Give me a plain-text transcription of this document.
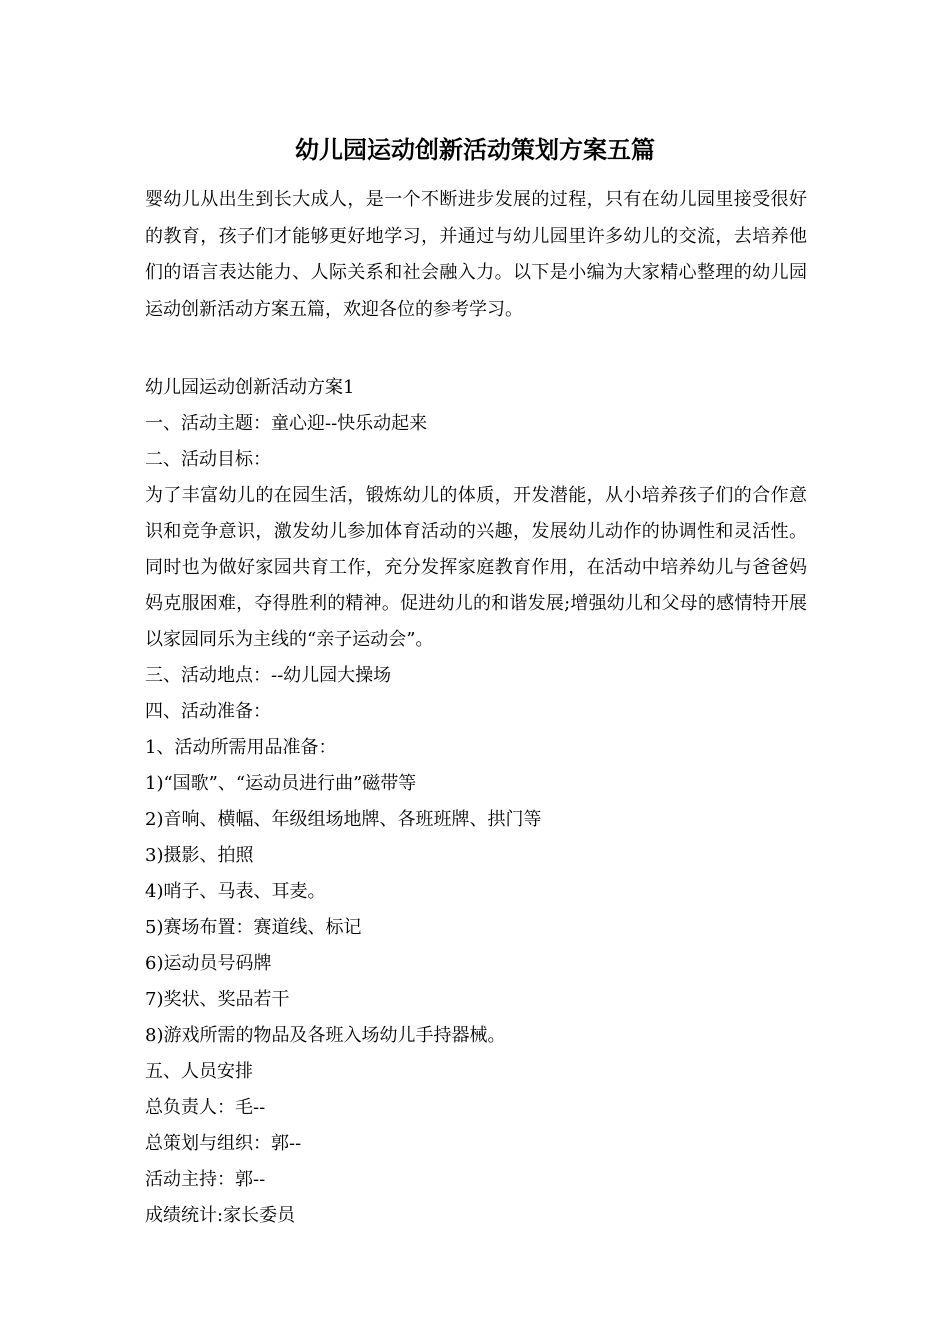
幼儿园运动创新活动策划方案五篇

婴幼儿从出生到长大成人，是一个不断进步发展的过程，只有在幼儿园里接受很好的教育，孩子们才能够更好地学习，并通过与幼儿园里许多幼儿的交流，去培养他们的语言表达能力、人际关系和社会融入力。以下是小编为大家精心整理的幼儿园运动创新活动方案五篇，欢迎各位的参考学习。

幼儿园运动创新活动方案1

一、活动主题：童心迎--快乐动起来

二、活动目标：

为了丰富幼儿的在园生活，锻炼幼儿的体质，开发潜能，从小培养孩子们的合作意识和竞争意识，激发幼儿参加体育活动的兴趣，发展幼儿动作的协调性和灵活性。同时也为做好家园共育工作，充分发挥家庭教育作用，在活动中培养幼儿与爸爸妈妈克服困难，夺得胜利的精神。促进幼儿的和谐发展;增强幼儿和父母的感情特开展以家园同乐为主线的“亲子运动会”。

三、活动地点：--幼儿园大操场

四、活动准备：

1、活动所需用品准备：

1)“国歌”、“运动员进行曲”磁带等

2)音响、横幅、年级组场地牌、各班班牌、拱门等

3)摄影、拍照

4)哨子、马表、耳麦。

5)赛场布置：赛道线、标记

6)运动员号码牌

7)奖状、奖品若干

8)游戏所需的物品及各班入场幼儿手持器械。

五、人员安排

总负责人：毛--

总策划与组织：郭--

活动主持：郭--

成绩统计:家长委员
